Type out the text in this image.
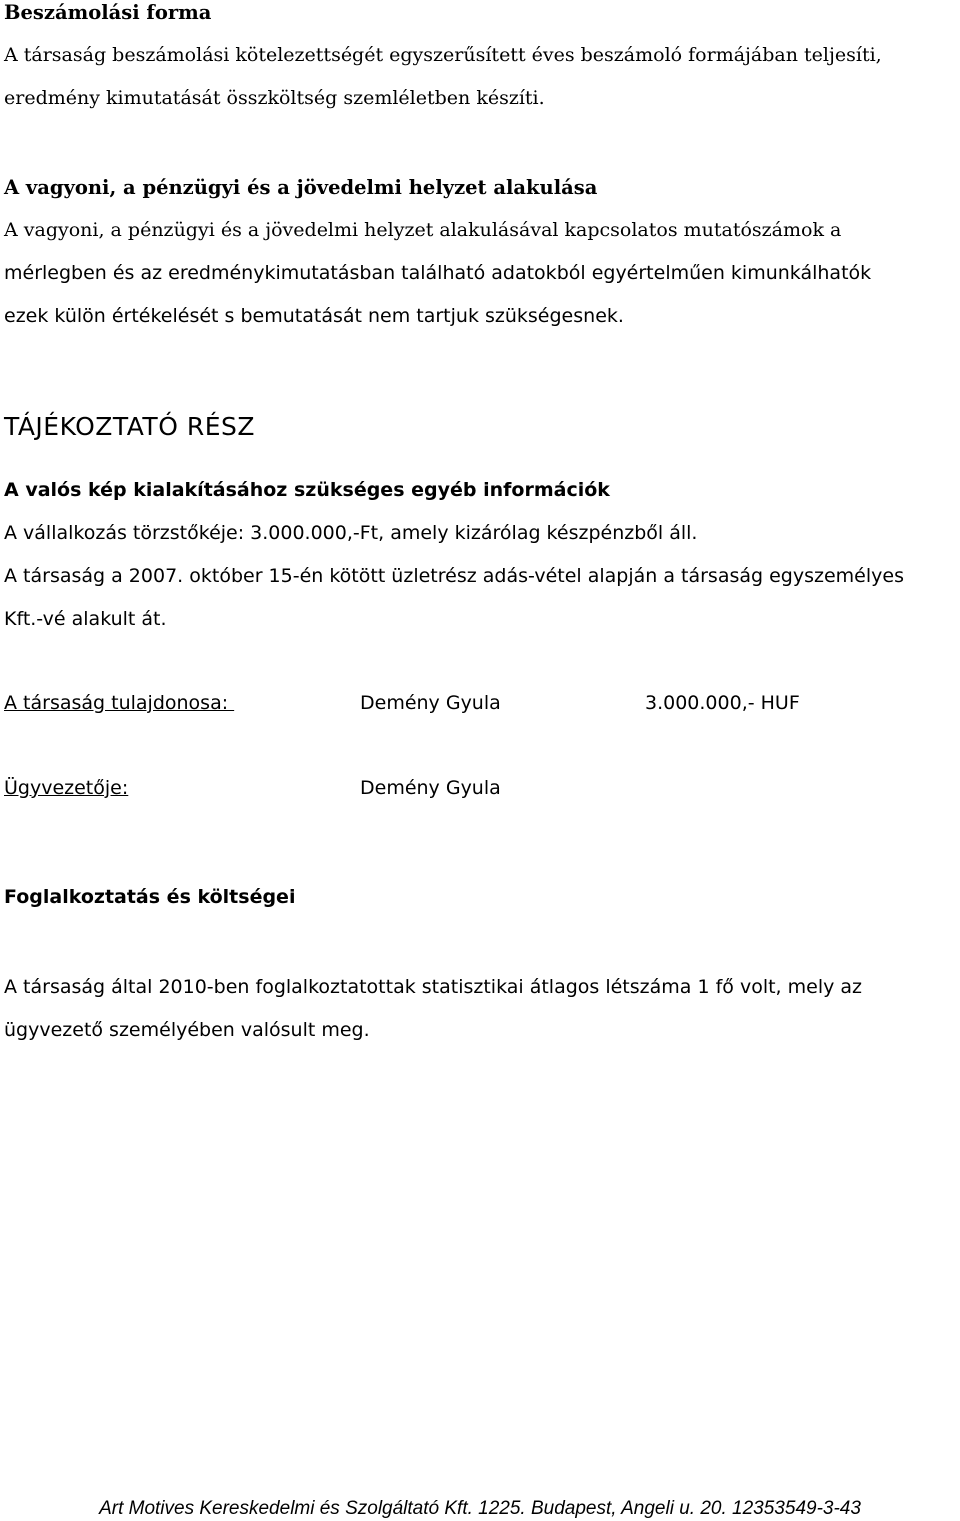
Beszámolási forma
A társaság beszámolási kötelezettségét egyszerűsített éves beszámoló formájában teljesíti,
eredmény kimutatását összköltség szemléletben készíti.
A vagyoni, a pénzügyi és a jövedelmi helyzet alakulása
A vagyoni, a pénzügyi és a jövedelmi helyzet alakulásával kapcsolatos mutatószámok a
mérlegben és az eredménykimutatásban található adatokból egyértelműen kimunkálhatók
ezek külön értékelését s bemutatását nem tartjuk szükségesnek.
TÁJÉKOZTATÓ RÉSZ
A valós kép kialakításához szükséges egyéb információk
A vállalkozás törzstőkéje: 3.000.000,-Ft, amely kizárólag készpénzből áll.
A társaság a 2007. október 15-én kötött üzletrész adás-vétel alapján a társaság egyszemélyes
Kft.-vé alakult át.
A társaság tulajdonosa:	Demény Gyula	3.000.000,- HUF
Ügyvezetője:	Demény Gyula
Foglalkoztatás és költségei
A társaság által 2010-ben foglalkoztatottak statisztikai átlagos létszáma 1 fő volt, mely az
ügyvezető személyében valósult meg.
Art Motives Kereskedelmi és Szolgáltató Kft. 1225. Budapest, Angeli u. 20. 12353549-3-43
